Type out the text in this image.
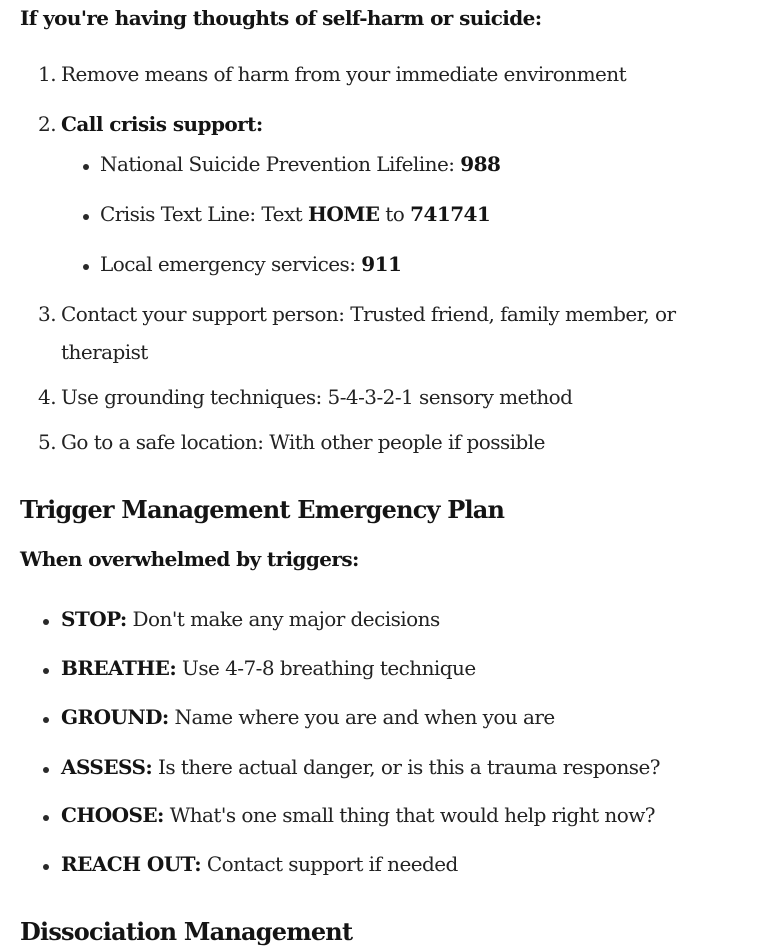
If you're having thoughts of self-harm or suicide:
1. Remove means of harm from your immediate environment
2. Call crisis support:
National Suicide Prevention Lifeline: 988
Crisis Text Line: Text HOME to 741741
Local emergency services: 911
3. Contact your support person: Trusted friend, family member, or
therapist
4. Use grounding techniques: 5-4-3-2-1 sensory method
5. Go to a safe location: With other people if possible
Trigger Management Emergency Plan
When overwhelmed by triggers:
STOP: Don't make any major decisions
BREATHE: Use 4-7-8 breathing technique
GROUND: Name where you are and when you are
ASSESS: Is there actual danger, or is this a trauma response?
CHOOSE: What's one small thing that would help right now?
REACH OUT: Contact support if needed
Dissociation Management
